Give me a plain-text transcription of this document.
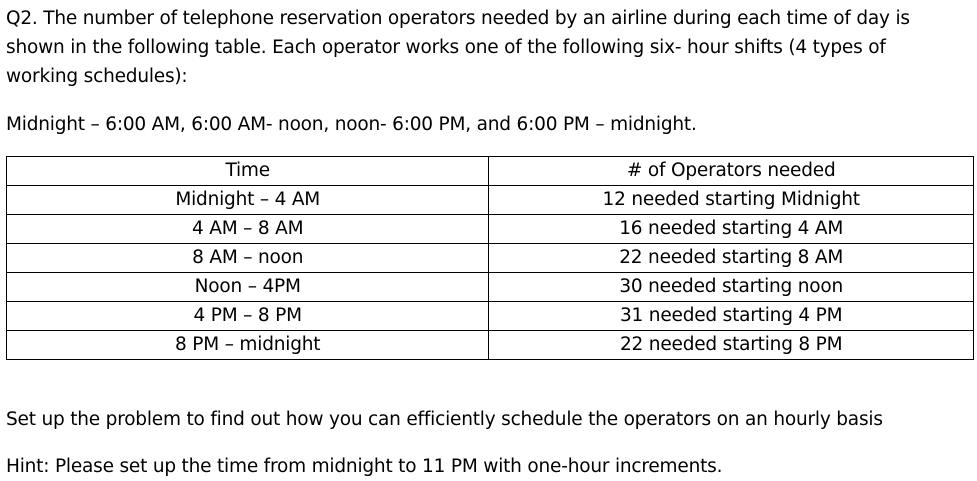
Q2. The number of telephone reservation operators needed by an airline during each time of day is
shown in the following table. Each operator works one of the following six- hour shifts (4 types of
working schedules):
Midnight – 6:00 AM, 6:00 AM- noon, noon- 6:00 PM, and 6:00 PM – midnight.
Time	# of Operators needed
Midnight – 4 AM	12 needed starting Midnight
4 AM – 8 AM	16 needed starting 4 AM
8 AM – noon	22 needed starting 8 AM
Noon – 4PM	30 needed starting noon
4 PM – 8 PM	31 needed starting 4 PM
8 PM – midnight	22 needed starting 8 PM
Set up the problem to find out how you can efficiently schedule the operators on an hourly basis
Hint: Please set up the time from midnight to 11 PM with one-hour increments.
